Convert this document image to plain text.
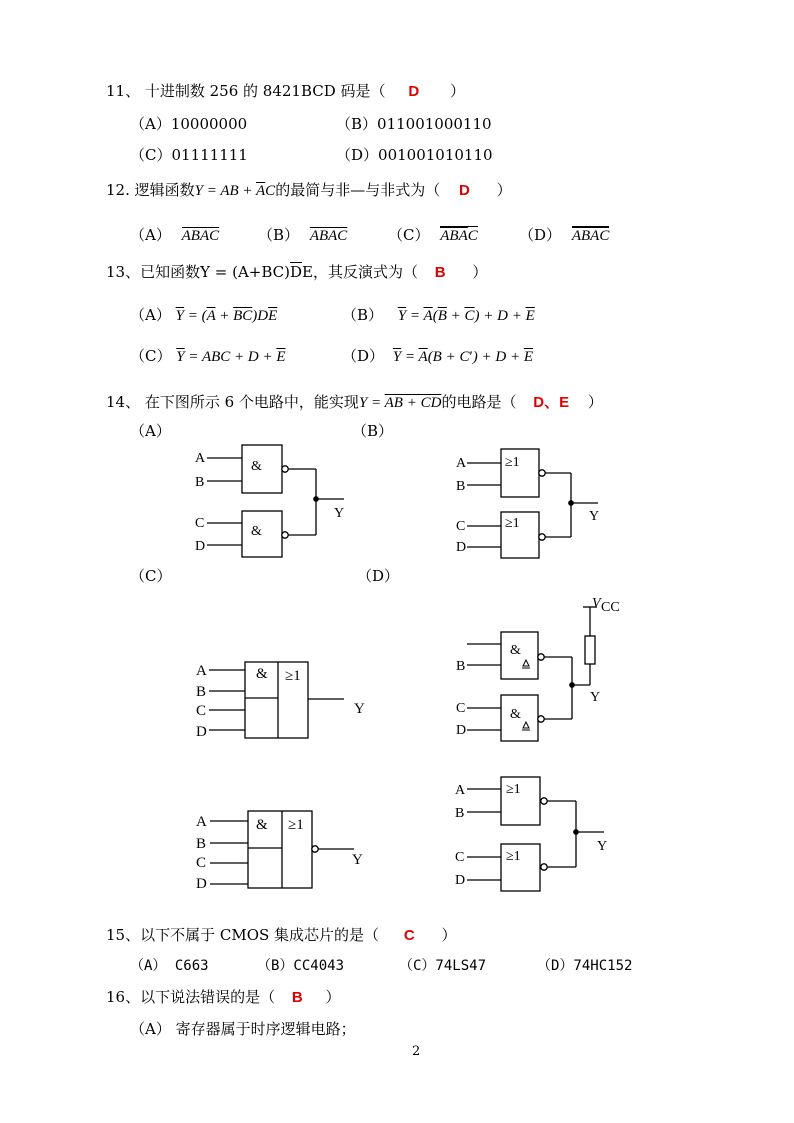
11、 十进制数 256 的 8421BCD 码是（ D ）
（A）10000000	（B）011001000110
（C）01111111	（D）001001010110
12. 逻辑函数Y = AB + $\overline{A}C$的最简与非—与非式为（ D ）
（A） $AB\overline{A}\overline{C}$	（B） $\overline{AB}\overline{AC}$	（C） $AB\overline{A}C$	（D） $AB\overline{A}C$
13、已知函数$Y = (A+BC)\overline{D}E$，其反演式为（ B ）
（A） $\overline{Y} = (\overline{A} + \overline{BC})D\overline{E}$	（B） $\overline{Y} = \overline{A}(\overline{B} + \overline{C}) + D + \overline{E}$
（C） $\overline{Y}$ = ABC + $D + \overline{E}$	（D） $\overline{Y} = \overline{A}(B + C') + D + \overline{E}$
14、 在下图所示 6 个电路中，能实现Y = AB + CD的电路是（ D、E ）
（A）	（B）
（C）	（D）
&
&
A
B
C
D
Y
≥1
≥1
A
B
C
D
Y
& ≥1
A
B
C
D
Y
&
&
B
C
D
Y
V CC
& ≥1
A
B
C
D
Y
≥1
≥1
A
B
C
D
Y
15、以下不属于 CMOS 集成芯片的是（ C ）
（A） C663	（B）CC4043	（C）74LS47	（D）74HC152
16、以下说法错误的是（ B ）
（A） 寄存器属于时序逻辑电路；
2
